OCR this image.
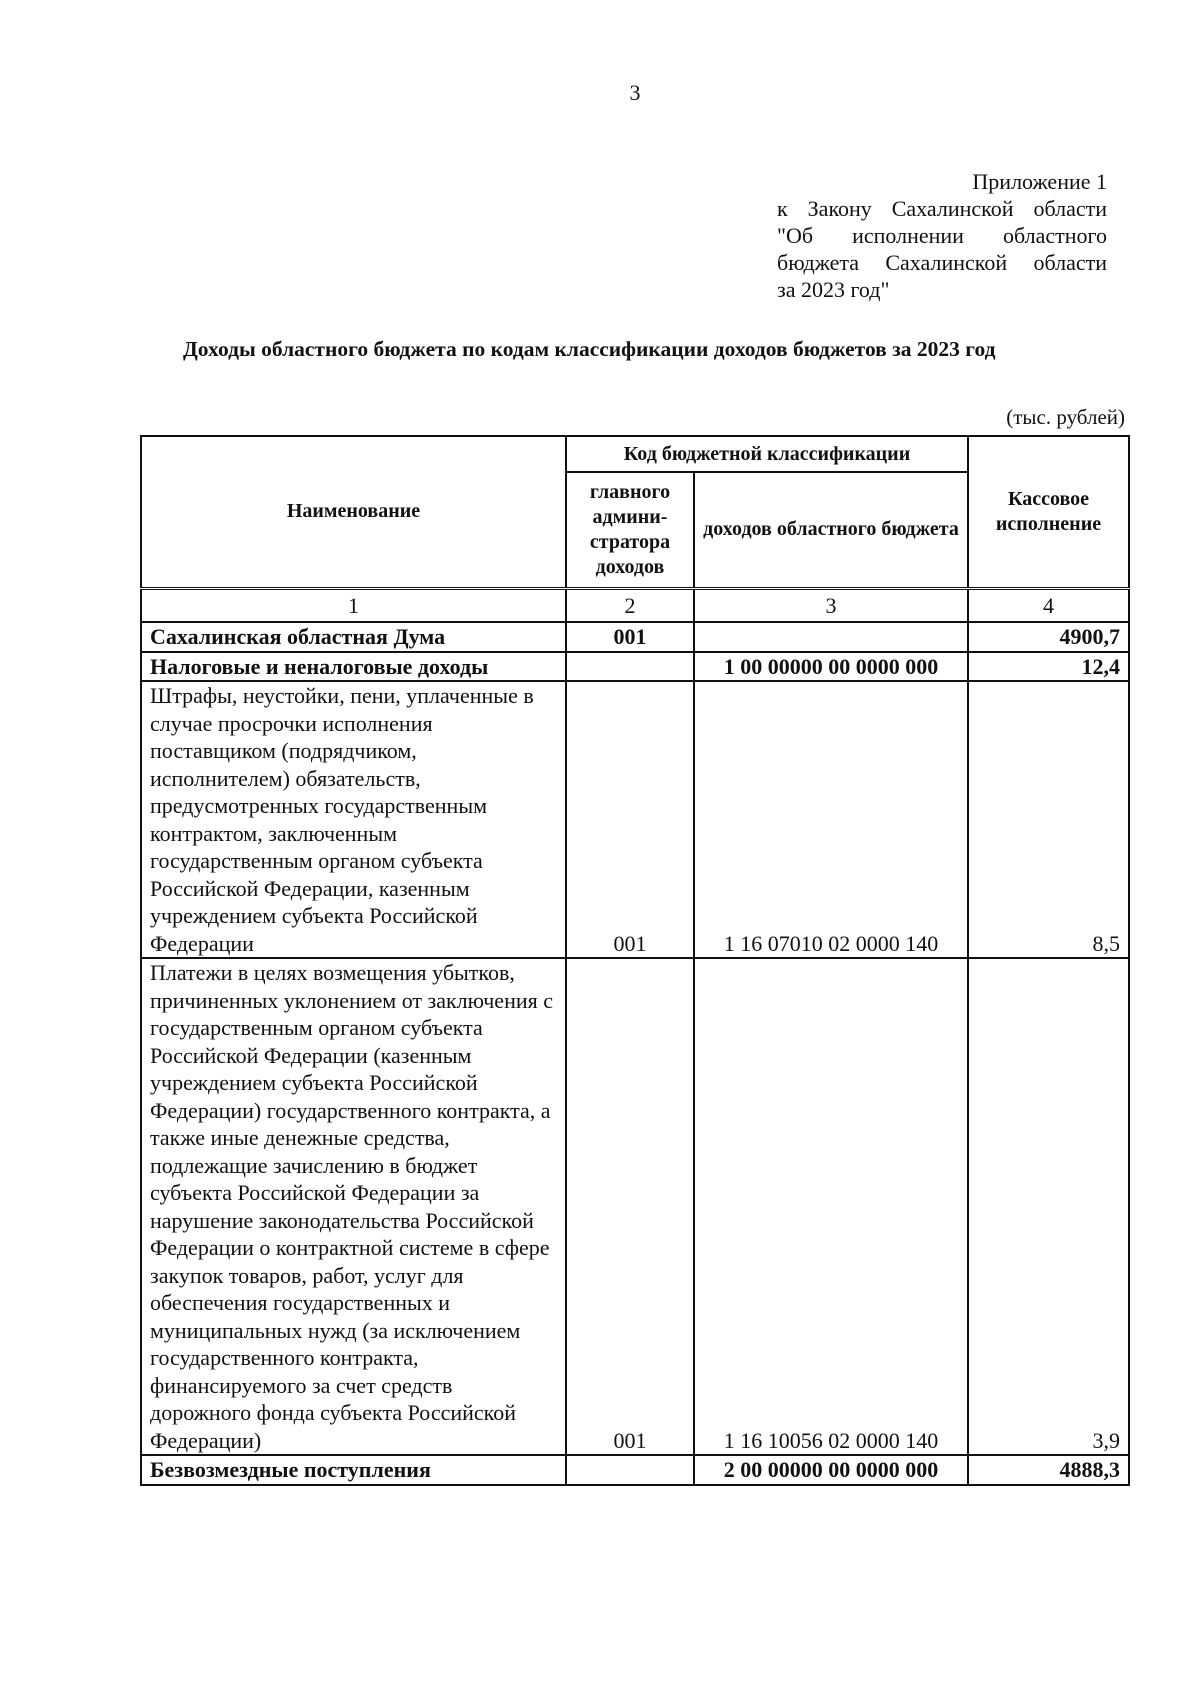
3
Приложение 1
к Закону Сахалинской области
"Об исполнении областного
бюджета Сахалинской области
за 2023 год"
Доходы областного бюджета по кодам классификации доходов бюджетов за 2023 год
(тыс. рублей)
Наименование	Код бюджетной классификации		Кассовое исполнение
	главного админи-стратора доходов	доходов областного бюджета	
1	2	3	4
Сахалинская областная Дума	001		4900,7
Налоговые и неналоговые доходы		1 00 00000 00 0000 000	12,4
Штрафы, неустойки, пени, уплаченные в случае просрочки исполнения поставщиком (подрядчиком, исполнителем) обязательств, предусмотренных государственным контрактом, заключенным государственным органом субъекта Российской Федерации, казенным учреждением субъекта Российской Федерации	001	1 16 07010 02 0000 140	8,5
Платежи в целях возмещения убытков, причиненных уклонением от заключения с государственным органом субъекта Российской Федерации (казенным учреждением субъекта Российской Федерации) государственного контракта, а также иные денежные средства, подлежащие зачислению в бюджет субъекта Российской Федерации за нарушение законодательства Российской Федерации о контрактной системе в сфере закупок товаров, работ, услуг для обеспечения государственных и муниципальных нужд (за исключением государственного контракта, финансируемого за счет средств дорожного фонда субъекта Российской Федерации)	001	1 16 10056 02 0000 140	3,9
Безвозмездные поступления		2 00 00000 00 0000 000	4888,3
